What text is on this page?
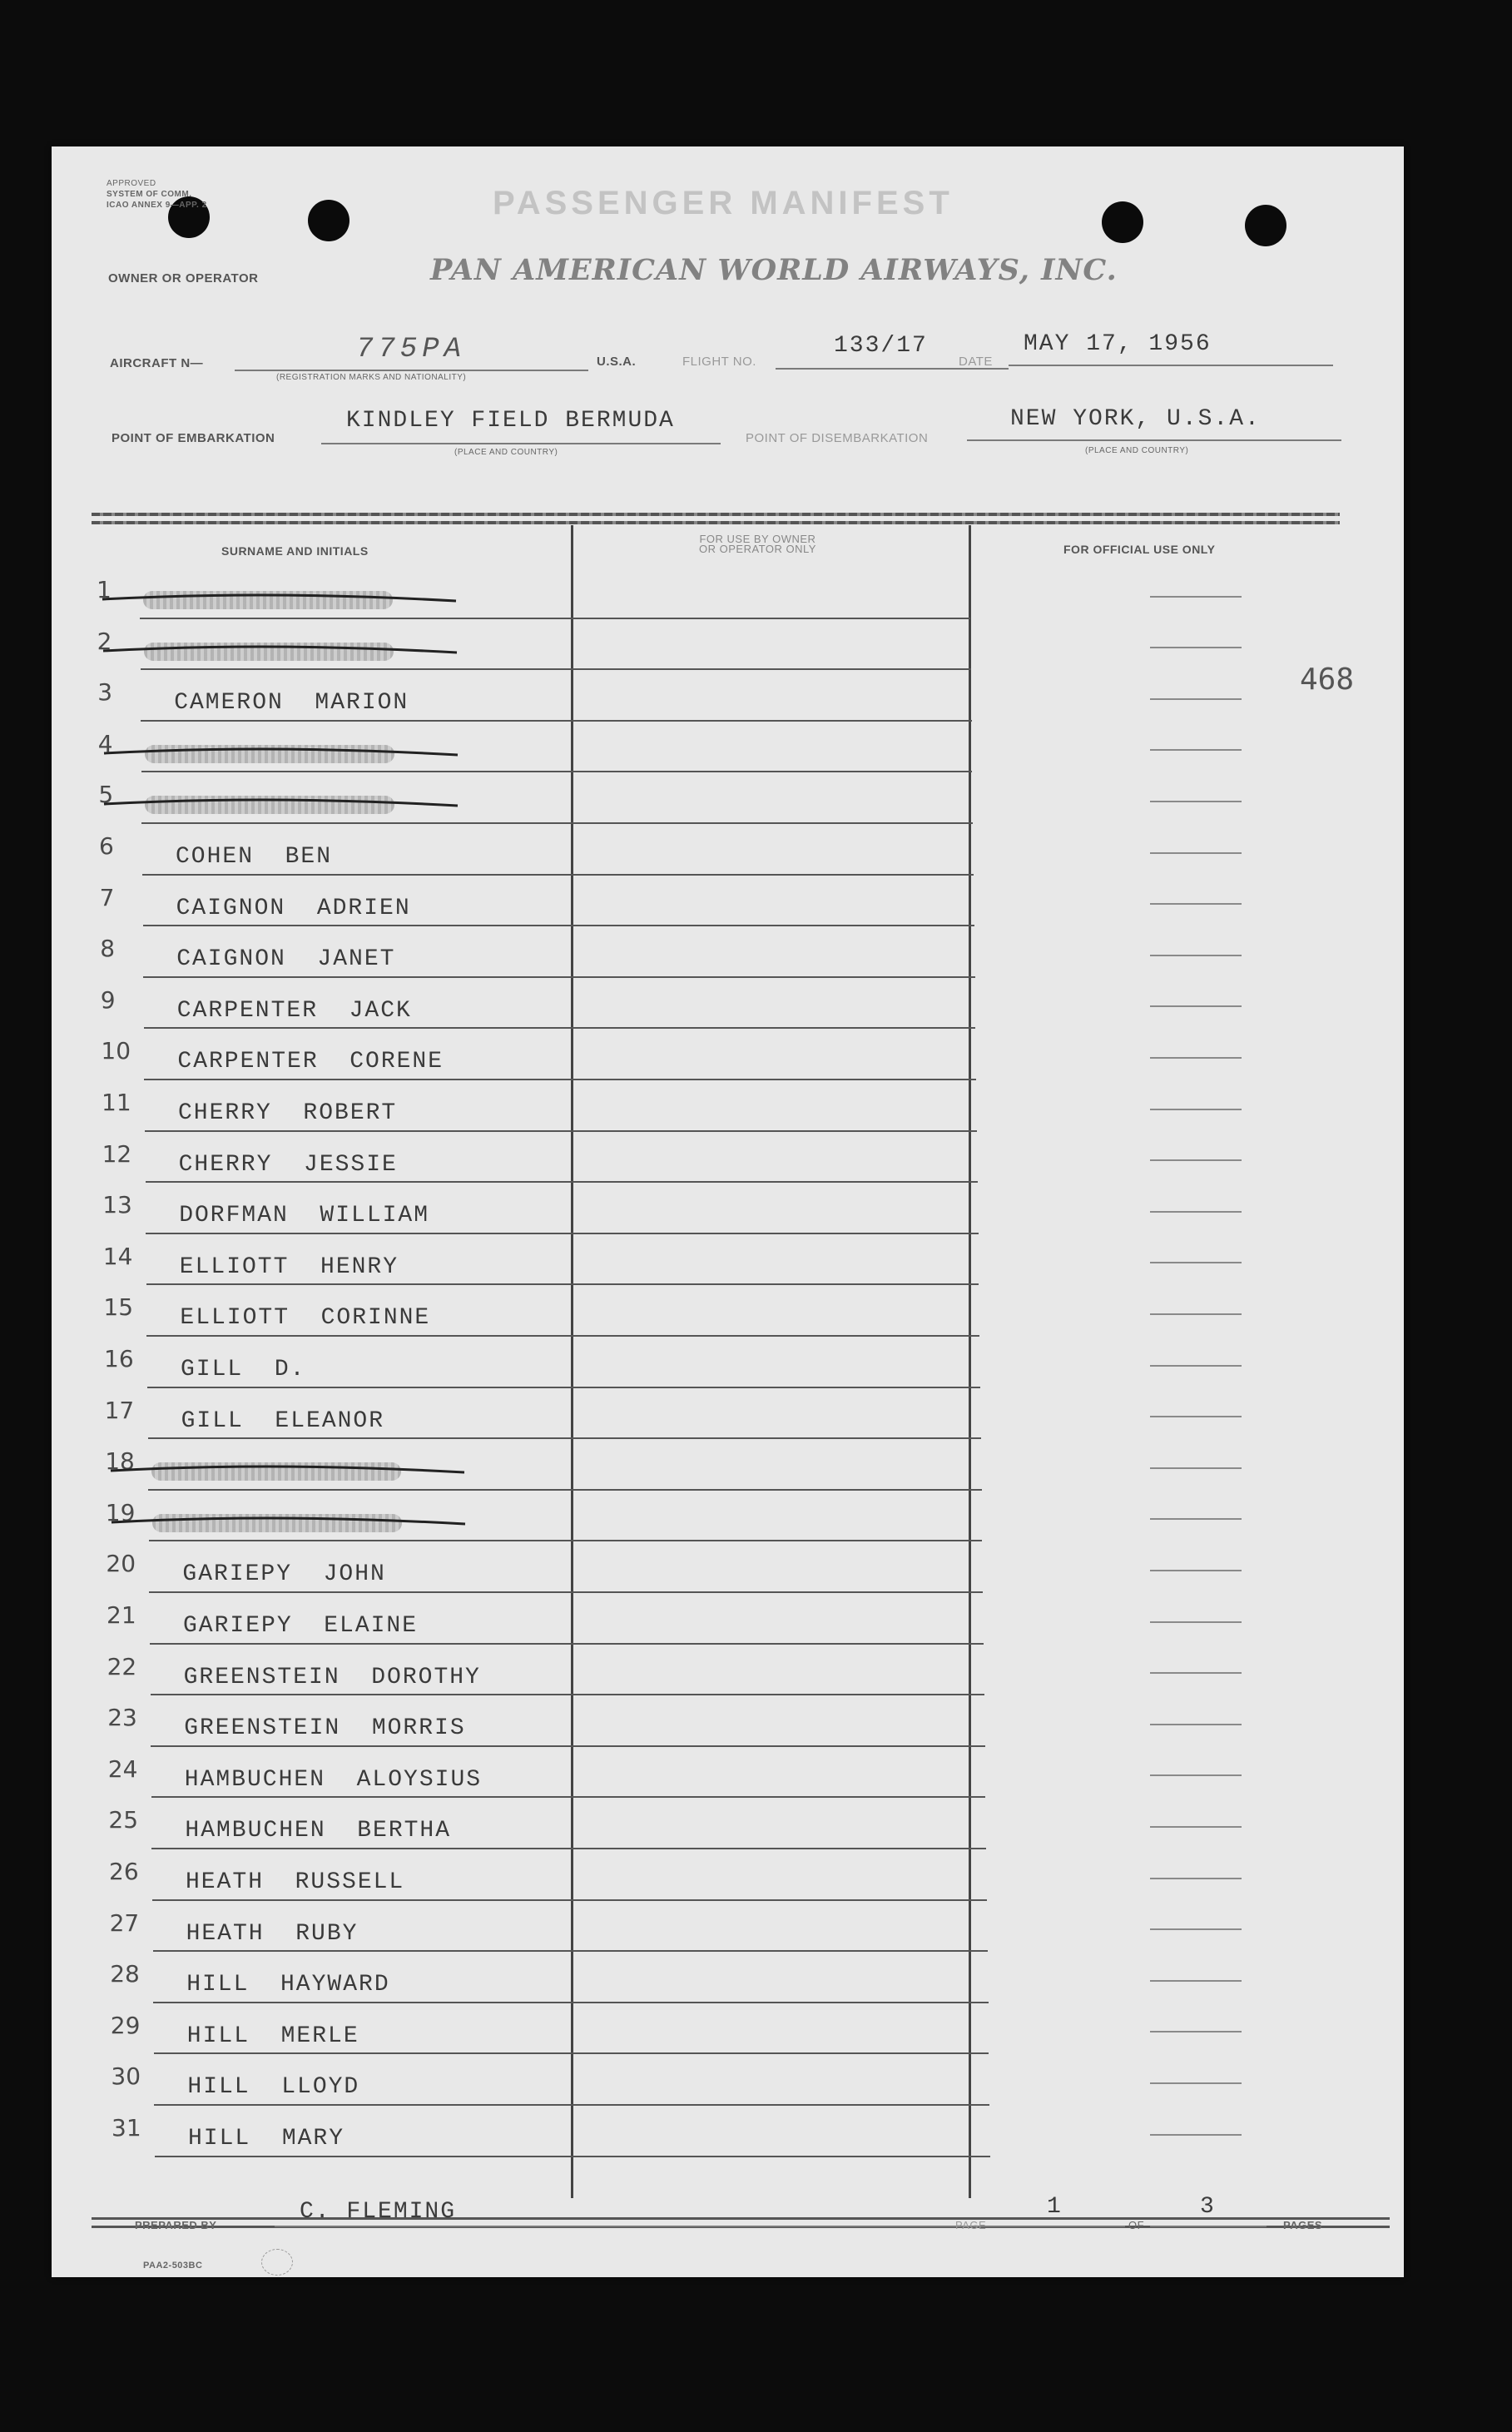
APPROVED
SYSTEM OF COMM.
ICAO ANNEX 9—APP. 2	PASSENGER MANIFEST
OWNER OR OPERATOR	PAN AMERICAN WORLD AIRWAYS, INC.
AIRCRAFT N—	775PA
(REGISTRATION MARKS AND NATIONALITY)
U.S.A.	FLIGHT NO.
133/17
DATE
MAY 17, 1956
POINT OF EMBARKATION
KINDLEY FIELD BERMUDA
(PLACE AND COUNTRY)
POINT OF DISEMBARKATION
NEW YORK, U.S.A.
(PLACE AND COUNTRY)
SURNAME AND INITIALS
FOR USE BY OWNER
OR OPERATOR ONLY	FOR OFFICIAL USE ONLY
1
2
3	CAMERON  MARION
4
5
6	COHEN  BEN
7	CAIGNON  ADRIEN
8	CAIGNON  JANET
9	CARPENTER  JACK
10 CARPENTER  CORENE
11 CHERRY  ROBERT
12 CHERRY  JESSIE
13 DORFMAN  WILLIAM
14 ELLIOTT  HENRY
15 ELLIOTT  CORINNE
16 GILL  D.
17 GILL  ELEANOR
18
19
20 GARIEPY  JOHN
21 GARIEPY  ELAINE
22 GREENSTEIN  DOROTHY
23 GREENSTEIN  MORRIS
24 HAMBUCHEN  ALOYSIUS
25 HAMBUCHEN  BERTHA
26 HEATH  RUSSELL
27 HEATH  RUBY
28 HILL  HAYWARD
29 HILL  MERLE
30 HILL  LLOYD
31 HILL  MARY
468
PREPARED BY
C. FLEMING
PAGE
1
OF
3
PAGES
PAA2-503BC
